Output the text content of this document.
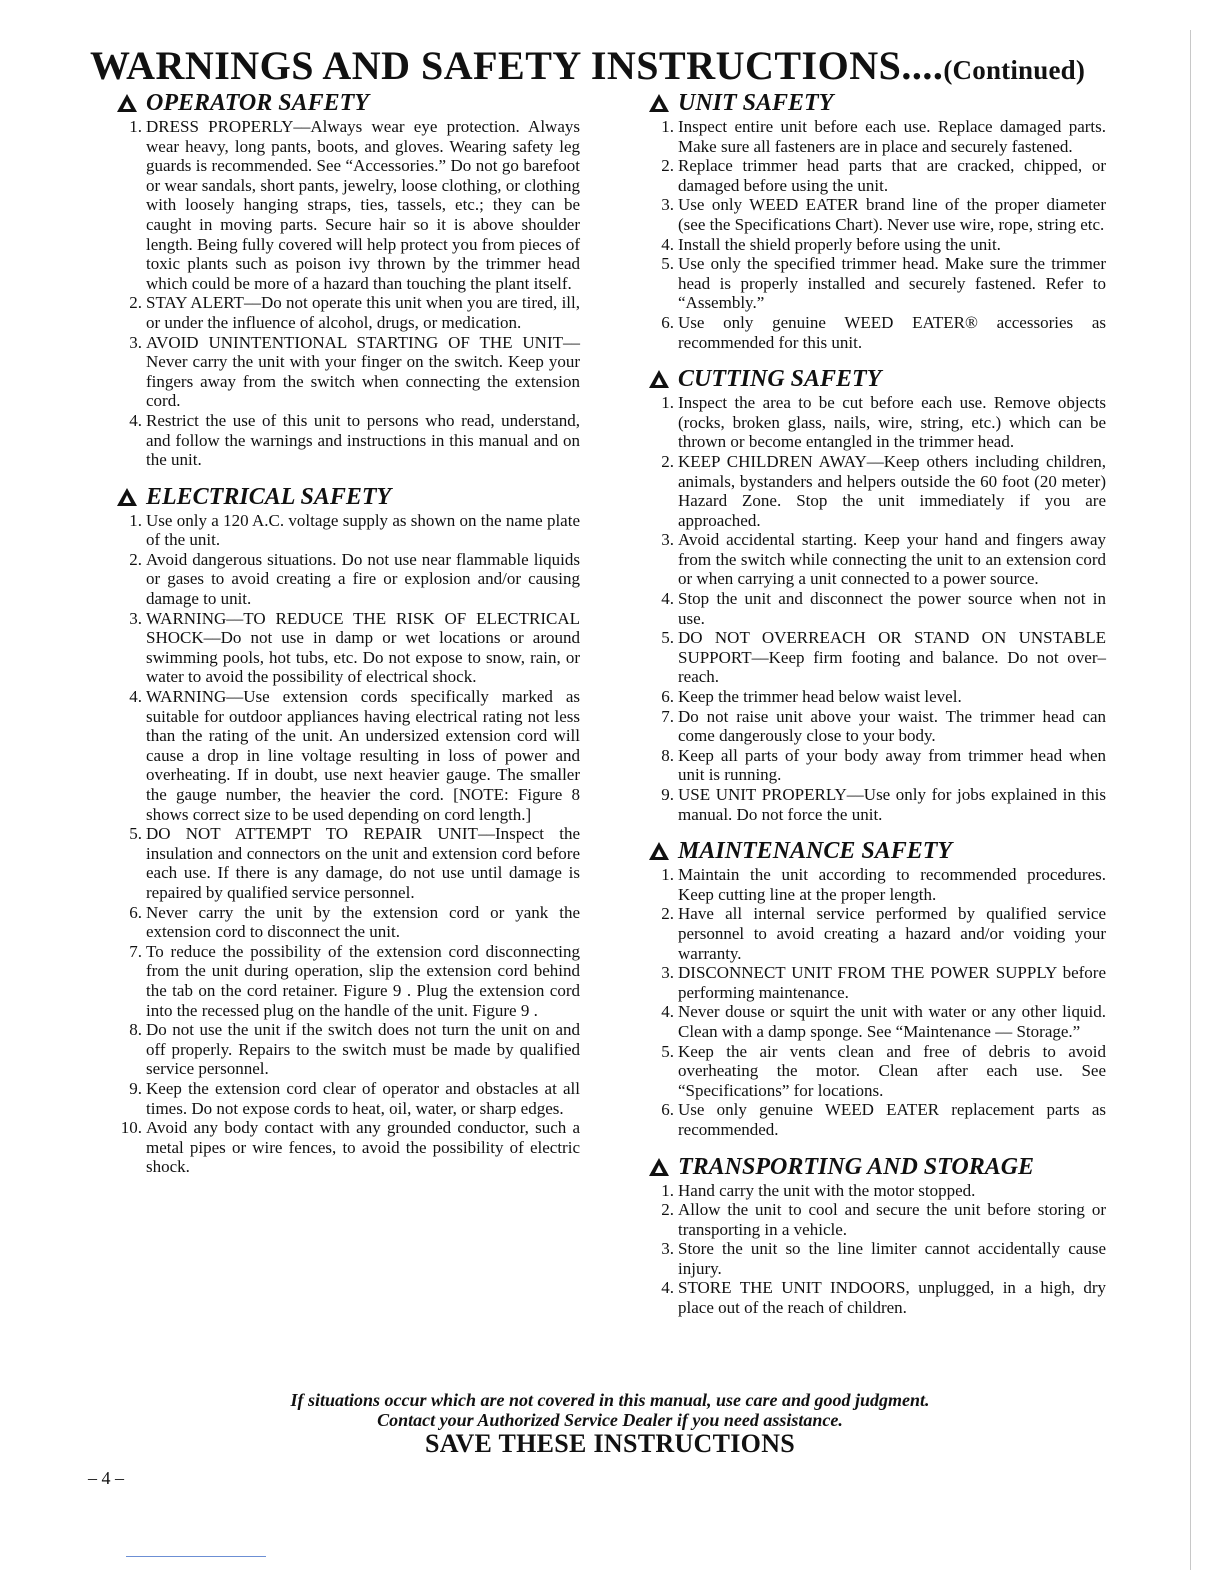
WARNINGS AND SAFETY INSTRUCTIONS....(Continued)
OPERATOR SAFETY
1. DRESS PROPERLY––Always wear eye protection. Always wear heavy, long pants, boots, and gloves. Wearing safety leg guards is recommended. See “Accessories.” Do not go barefoot or wear sandals, short pants, jewelry, loose clothing, or clothing with loosely hanging straps, ties, tassels, etc.; they can be caught in moving parts. Secure hair so it is above shoulder length. Being fully covered will help protect you from pieces of toxic plants such as poison ivy thrown by the trimmer head which could be more of a hazard than touching the plant itself.
2. STAY ALERT––Do not operate this unit when you are tired, ill, or under the influence of alcohol, drugs, or medication.
3. AVOID UNINTENTIONAL STARTING OF THE UNIT––Never carry the unit with your finger on the switch. Keep your fingers away from the switch when connecting the extension cord.
4. Restrict the use of this unit to persons who read, understand, and follow the warnings and instructions in this manual and on the unit.
ELECTRICAL SAFETY
1. Use only a 120 A.C. voltage supply as shown on the name plate of the unit.
2. Avoid dangerous situations. Do not use near flammable liquids or gases to avoid creating a fire or explosion and/or causing damage to unit.
3. WARNING––TO REDUCE THE RISK OF ELECTRICAL SHOCK––Do not use in damp or wet locations or around swimming pools, hot tubs, etc. Do not expose to snow, rain, or water to avoid the possibility of electrical shock.
4. WARNING––Use extension cords specifically marked as suitable for outdoor appliances having electrical rating not less than the rating of the unit. An undersized extension cord will cause a drop in line voltage resulting in loss of power and overheating. If in doubt, use next heavier gauge. The smaller the gauge number, the heavier the cord. [NOTE: Figure 8 shows correct size to be used depending on cord length.]
5. DO NOT ATTEMPT TO REPAIR UNIT––Inspect the insulation and connectors on the unit and extension cord before each use. If there is any damage, do not use until damage is repaired by qualified service personnel.
6. Never carry the unit by the extension cord or yank the extension cord to disconnect the unit.
7. To reduce the possibility of the extension cord disconnecting from the unit during operation, slip the extension cord behind the tab on the cord retainer. Figure 9 . Plug the extension cord into the recessed plug on the handle of the unit. Figure 9 .
8. Do not use the unit if the switch does not turn the unit on and off properly. Repairs to the switch must be made by qualified service personnel.
9. Keep the extension cord clear of operator and obstacles at all times. Do not expose cords to heat, oil, water, or sharp edges.
10. Avoid any body contact with any grounded conductor, such a metal pipes or wire fences, to avoid the possibility of electric shock.
UNIT SAFETY
1. Inspect entire unit before each use. Replace damaged parts. Make sure all fasteners are in place and securely fastened.
2. Replace trimmer head parts that are cracked, chipped, or damaged before using the unit.
3. Use only WEED EATER brand line of the proper diameter (see the Specifications Chart). Never use wire, rope, string etc.
4. Install the shield properly before using the unit.
5. Use only the specified trimmer head. Make sure the trimmer head is properly installed and securely fastened. Refer to “Assembly.”
6. Use only genuine WEED EATER® accessories as recommended for this unit.
CUTTING SAFETY
1. Inspect the area to be cut before each use. Remove objects (rocks, broken glass, nails, wire, string, etc.) which can be thrown or become entangled in the trimmer head.
2. KEEP CHILDREN AWAY––Keep others including children, animals, bystanders and helpers outside the 60 foot (20 meter) Hazard Zone. Stop the unit immediately if you are approached.
3. Avoid accidental starting. Keep your hand and fingers away from the switch while connecting the unit to an extension cord or when carrying a unit connected to a power source.
4. Stop the unit and disconnect the power source when not in use.
5. DO NOT OVERREACH OR STAND ON UNSTABLE SUPPORT––Keep firm footing and balance. Do not over–reach.
6. Keep the trimmer head below waist level.
7. Do not raise unit above your waist. The trimmer head can come dangerously close to your body.
8. Keep all parts of your body away from trimmer head when unit is running.
9. USE UNIT PROPERLY––Use only for jobs explained in this manual. Do not force the unit.
MAINTENANCE SAFETY
1. Maintain the unit according to recommended procedures. Keep cutting line at the proper length.
2. Have all internal service performed by qualified service personnel to avoid creating a hazard and/or voiding your warranty.
3. DISCONNECT UNIT FROM THE POWER SUPPLY before performing maintenance.
4. Never douse or squirt the unit with water or any other liquid. Clean with a damp sponge. See “Maintenance –– Storage.”
5. Keep the air vents clean and free of debris to avoid overheating the motor. Clean after each use. See “Specifications” for locations.
6. Use only genuine WEED EATER replacement parts as recommended.
TRANSPORTING AND STORAGE
1. Hand carry the unit with the motor stopped.
2. Allow the unit to cool and secure the unit before storing or transporting in a vehicle.
3. Store the unit so the line limiter cannot accidentally cause injury.
4. STORE THE UNIT INDOORS, unplugged, in a high, dry place out of the reach of children.
If situations occur which are not covered in this manual, use care and good judgment.
Contact your Authorized Service Dealer if you need assistance.
SAVE THESE INSTRUCTIONS
– 4 –
